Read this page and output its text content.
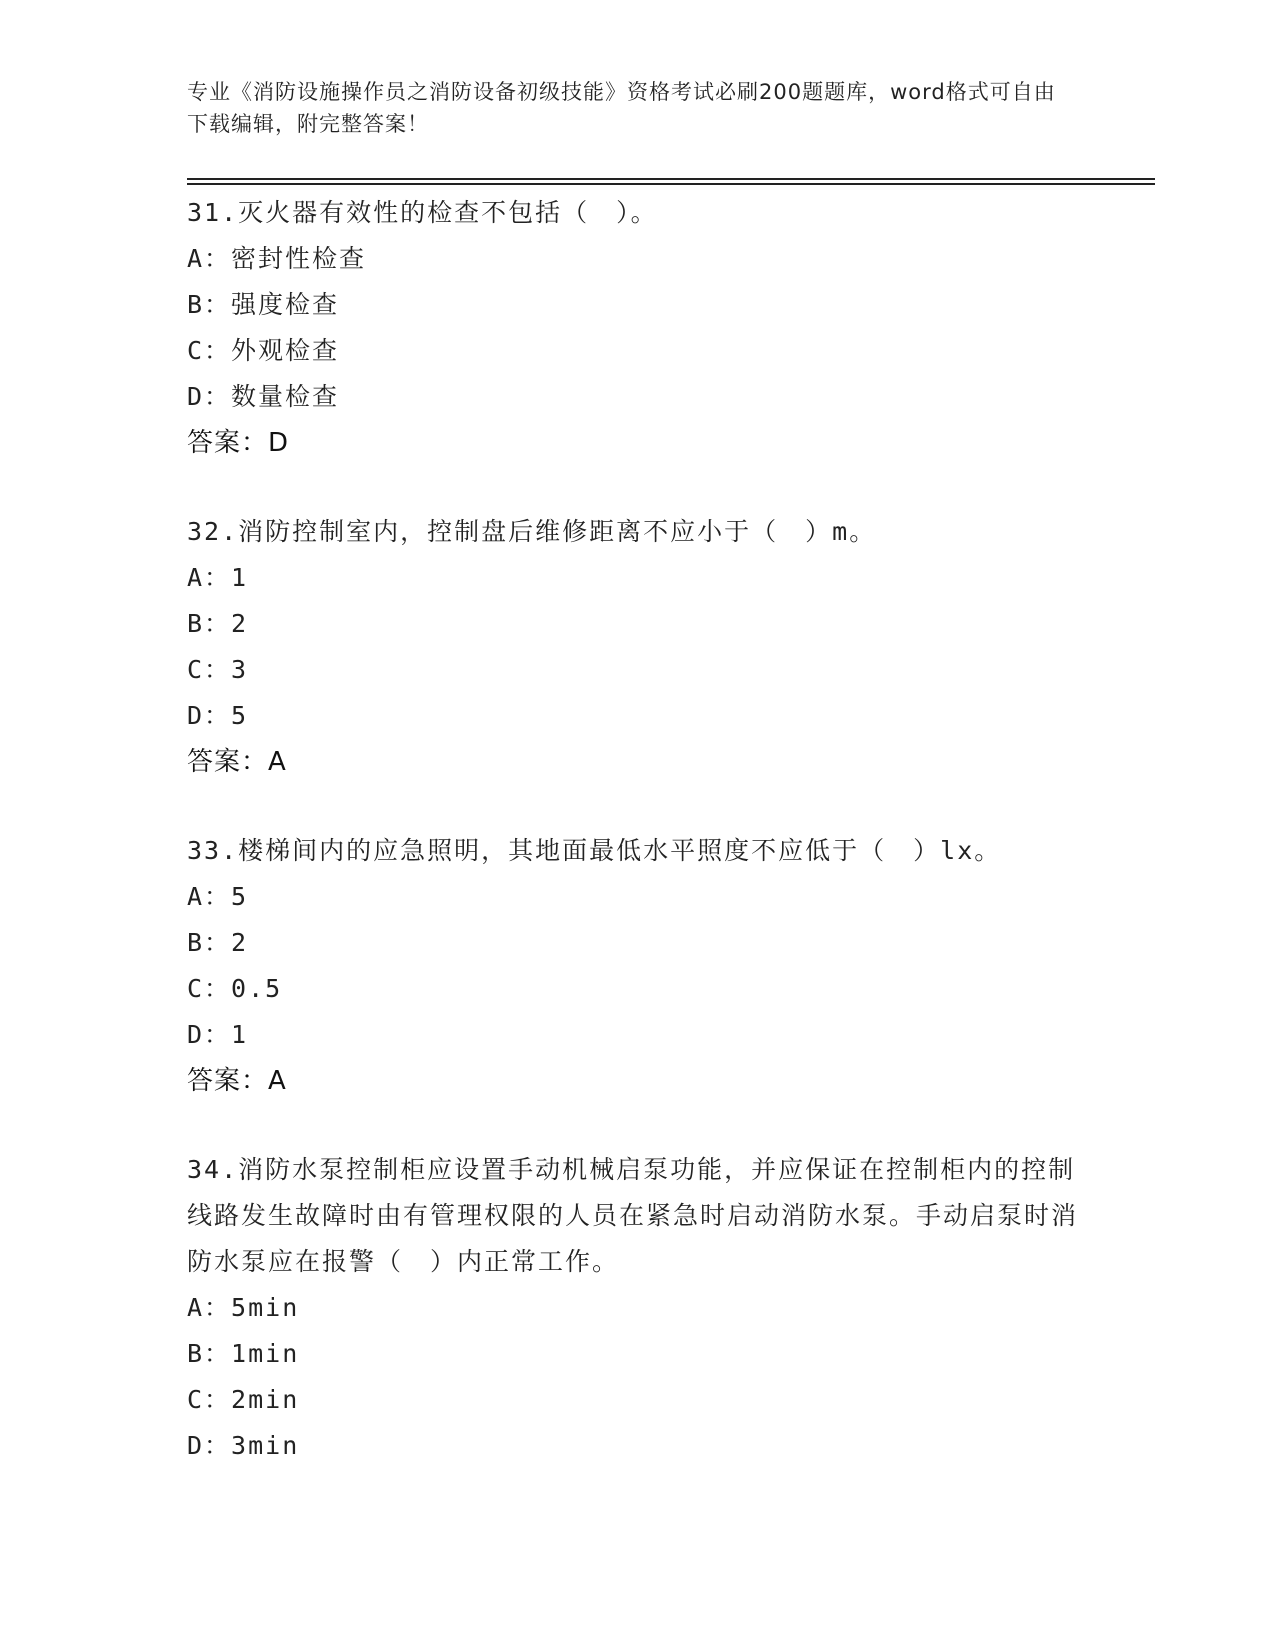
专业《消防设施操作员之消防设备初级技能》资格考试必刷200题题库，word格式可自由下载编辑，附完整答案！
31.灭火器有效性的检查不包括（　）。
A：密封性检查
B：强度检查
C：外观检查
D：数量检查
答案：D
32.消防控制室内，控制盘后维修距离不应小于（　）m。
A：1
B：2
C：3
D：5
答案：A
33.楼梯间内的应急照明，其地面最低水平照度不应低于（　）lx。
A：5
B：2
C：0.5
D：1
答案：A
34.消防水泵控制柜应设置手动机械启泵功能，并应保证在控制柜内的控制线路发生故障时由有管理权限的人员在紧急时启动消防水泵。手动启泵时消防水泵应在报警（　）内正常工作。
A：5min
B：1min
C：2min
D：3min
